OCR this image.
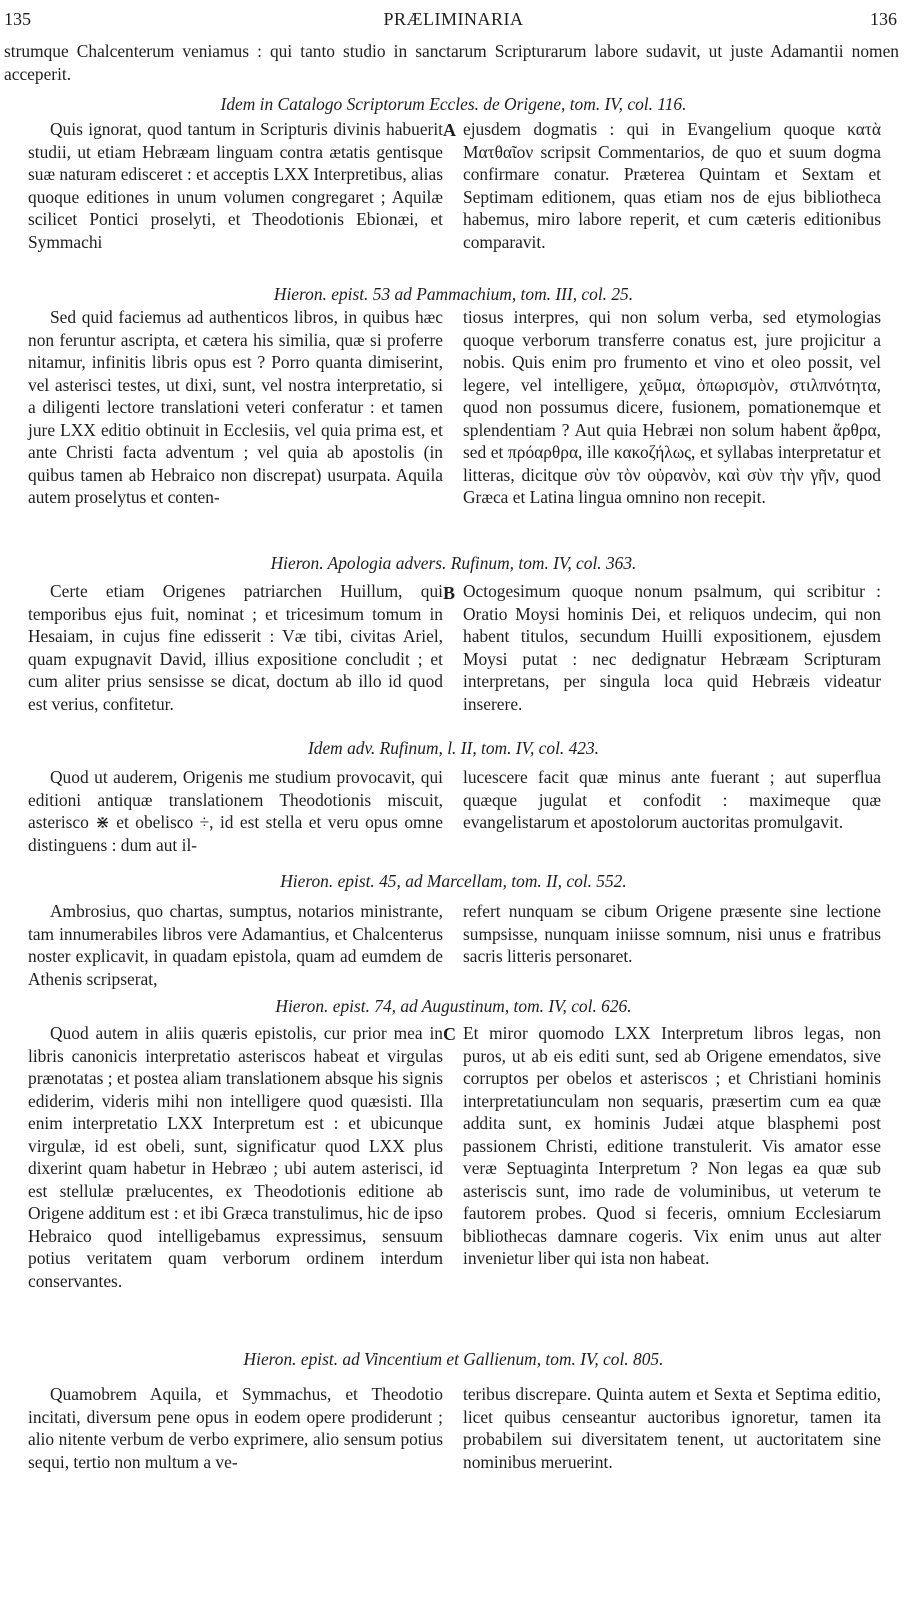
135	PRÆLIMINARIA	136
strumque Chalcenterum veniamus : qui tanto studio in sanctarum Scripturarum labore sudavit, ut juste Adamantii nomen acceperit.
Idem in Catalogo Scriptorum Eccles. de Origene, tom. IV, col. 116.

Quis ignorat, quod tantum in Scripturis divinis habuerit studii, ut etiam Hebræam linguam contra ætatis gentisque suæ naturam edisceret : et acceptis LXX Interpretibus, alias quoque editiones in unum volumen congregaret ; Aquilæ scilicet Pontici proselyti, et Theodotionis Ebionæi, et Symmachi

A ejusdem dogmatis : qui in Evangelium quoque κατὰ Ματθαῖον scripsit Commentarios, de quo et suum dogma confirmare conatur. Præterea Quintam et Sextam et Septimam editionem, quas etiam nos de ejus bibliotheca habemus, miro labore reperit, et cum cæteris editionibus comparavit.

Hieron. epist. 53 ad Pammachium, tom. III, col. 25.

Sed quid faciemus ad authenticos libros, in quibus hæc non feruntur ascripta, et cætera his similia, quæ si proferre nitamur, infinitis libris opus est ? Porro quanta dimiserint, vel asterisci testes, ut dixi, sunt, vel nostra interpretatio, si a diligenti lectore translationi veteri conferatur : et tamen jure LXX editio obtinuit in Ecclesiis, vel quia prima est, et ante Christi facta adventum ; vel quia ab apostolis (in quibus tamen ab Hebraico non discrepat) usurpata. Aquila autem proselytus et conten-

tiosus interpres, qui non solum verba, sed etymologias quoque verborum transferre conatus est, jure projicitur a nobis. Quis enim pro frumento et vino et oleo possit, vel legere, vel intelligere, χεῦμα, ὀπωρισμὸν, στιλπνότητα, quod non possumus dicere, fusionem, pomationemque et splendentiam ? Aut quia Hebræi non solum habent ἄρθρα, sed et πρόαρθρα, ille κακοζήλως, et syllabas interpretatur et litteras, dicitque σὺν τὸν οὐρανὸν, καὶ σὺν τὴν γῆν, quod Græca et Latina lingua omnino non recepit.

Hieron. Apologia advers. Rufinum, tom. IV, col. 363.

Certe etiam Origenes patriarchen Huillum, qui temporibus ejus fuit, nominat ; et tricesimum tomum in Hesaiam, in cujus fine edisserit : Væ tibi, civitas Ariel, quam expugnavit David, illius expositione concludit ; et cum aliter prius sensisse se dicat, doctum ab illo id quod est verius, confitetur.

B Octogesimum quoque nonum psalmum, qui scribitur : Oratio Moysi hominis Dei, et reliquos undecim, qui non habent titulos, secundum Huilli expositionem, ejusdem Moysi putat : nec dedignatur Hebræam Scripturam interpretans, per singula loca quid Hebræis videatur inserere.

Idem adv. Rufinum, l. II, tom. IV, col. 423.

Quod ut auderem, Origenis me studium provocavit, qui editioni antiquæ translationem Theodotionis miscuit, asterisco ⋇ et obelisco ÷, id est stella et veru opus omne distinguens : dum aut il-

lucescere facit quæ minus ante fuerant ; aut superflua quæque jugulat et confodit : maximeque quæ evangelistarum et apostolorum auctoritas promulgavit.

Hieron. epist. 45, ad Marcellam, tom. II, col. 552.

Ambrosius, quo chartas, sumptus, notarios ministrante, tam innumerabiles libros vere Adamantius, et Chalcenterus noster explicavit, in quadam epistola, quam ad eumdem de Athenis scripserat,

refert nunquam se cibum Origene præsente sine lectione sumpsisse, nunquam iniisse somnum, nisi unus e fratribus sacris litteris personaret.

Hieron. epist. 74, ad Augustinum, tom. IV, col. 626.

Quod autem in aliis quæris epistolis, cur prior mea in libris canonicis interpretatio asteriscos habeat et virgulas prænotatas ; et postea aliam translationem absque his signis ediderim, videris mihi non intelligere quod quæsisti. Illa enim interpretatio LXX Interpretum est : et ubicunque virgulæ, id est obeli, sunt, significatur quod LXX plus dixerint quam habetur in Hebræo ; ubi autem asterisci, id est stellulæ prælucentes, ex Theodotionis editione ab Origene additum est : et ibi Græca transtulimus, hic de ipso Hebraico quod intelligebamus expressimus, sensuum potius veritatem quam verborum ordinem interdum conservantes.

C Et miror quomodo LXX Interpretum libros legas, non puros, ut ab eis editi sunt, sed ab Origene emendatos, sive corruptos per obelos et asteriscos ; et Christiani hominis interpretatiunculam non sequaris, præsertim cum ea quæ addita sunt, ex hominis Judæi atque blasphemi post passionem Christi, editione transtulerit. Vis amator esse veræ Septuaginta Interpretum ? Non legas ea quæ sub asteriscis sunt, imo rade de voluminibus, ut veterum te fautorem probes. Quod si feceris, omnium Ecclesiarum bibliothecas damnare cogeris. Vix enim unus aut alter invenietur liber qui ista non habeat.

Hieron. epist. ad Vincentium et Gallienum, tom. IV, col. 805.

Quamobrem Aquila, et Symmachus, et Theodotio incitati, diversum pene opus in eodem opere prodiderunt ; alio nitente verbum de verbo exprimere, alio sensum potius sequi, tertio non multum a ve-

teribus discrepare. Quinta autem et Sexta et Septima editio, licet quibus censeantur auctoribus ignoretur, tamen ita probabilem sui diversitatem tenent, ut auctoritatem sine nominibus meruerint.
